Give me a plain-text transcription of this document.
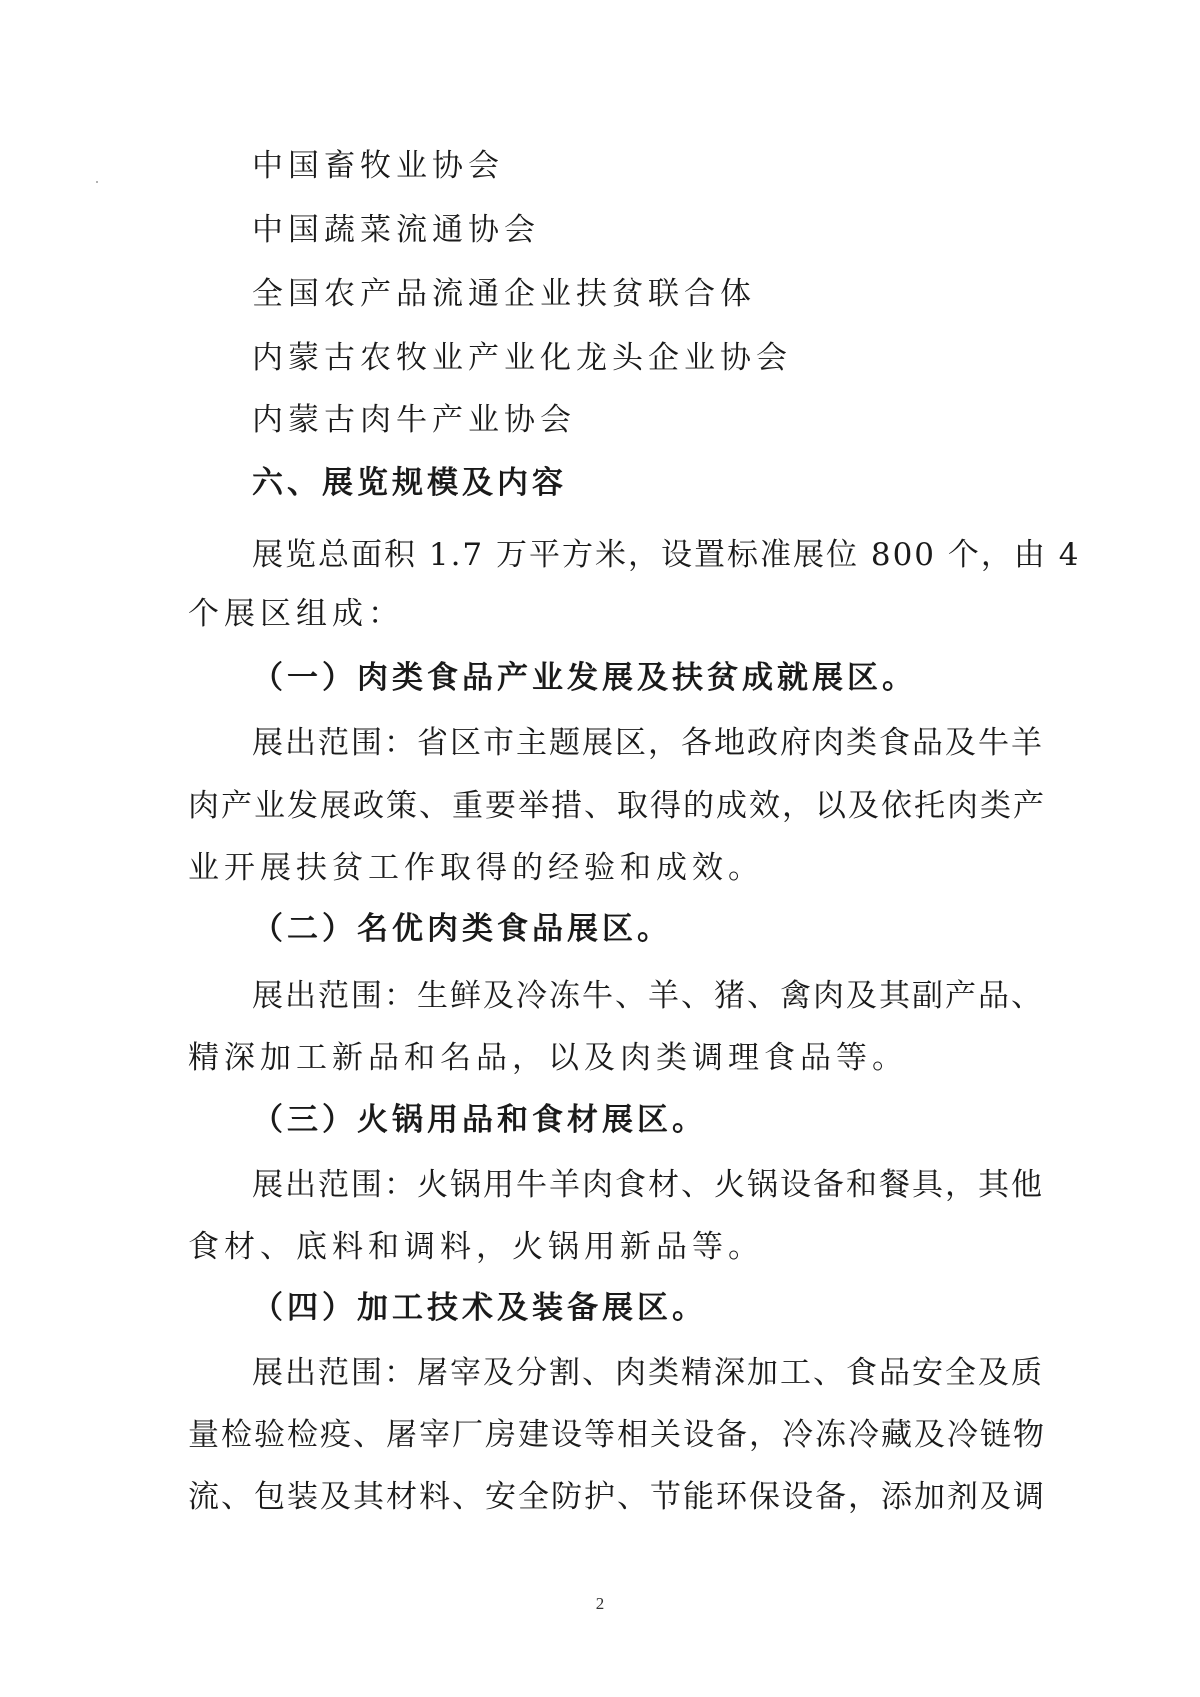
中国畜牧业协会

中国蔬菜流通协会

全国农产品流通企业扶贫联合体

内蒙古农牧业产业化龙头企业协会

内蒙古肉牛产业协会

六、展览规模及内容

展览总面积 1.7 万平方米，设置标准展位 800 个，由 4

个展区组成：

（一）肉类食品产业发展及扶贫成就展区。

展出范围：省区市主题展区，各地政府肉类食品及牛羊

肉产业发展政策、重要举措、取得的成效，以及依托肉类产

业开展扶贫工作取得的经验和成效。

（二）名优肉类食品展区。

展出范围：生鲜及冷冻牛、羊、猪、禽肉及其副产品、

精深加工新品和名品，以及肉类调理食品等。

（三）火锅用品和食材展区。

展出范围：火锅用牛羊肉食材、火锅设备和餐具，其他

食材、底料和调料，火锅用新品等。

（四）加工技术及装备展区。

展出范围：屠宰及分割、肉类精深加工、食品安全及质

量检验检疫、屠宰厂房建设等相关设备，冷冻冷藏及冷链物

流、包装及其材料、安全防护、节能环保设备，添加剂及调

2
